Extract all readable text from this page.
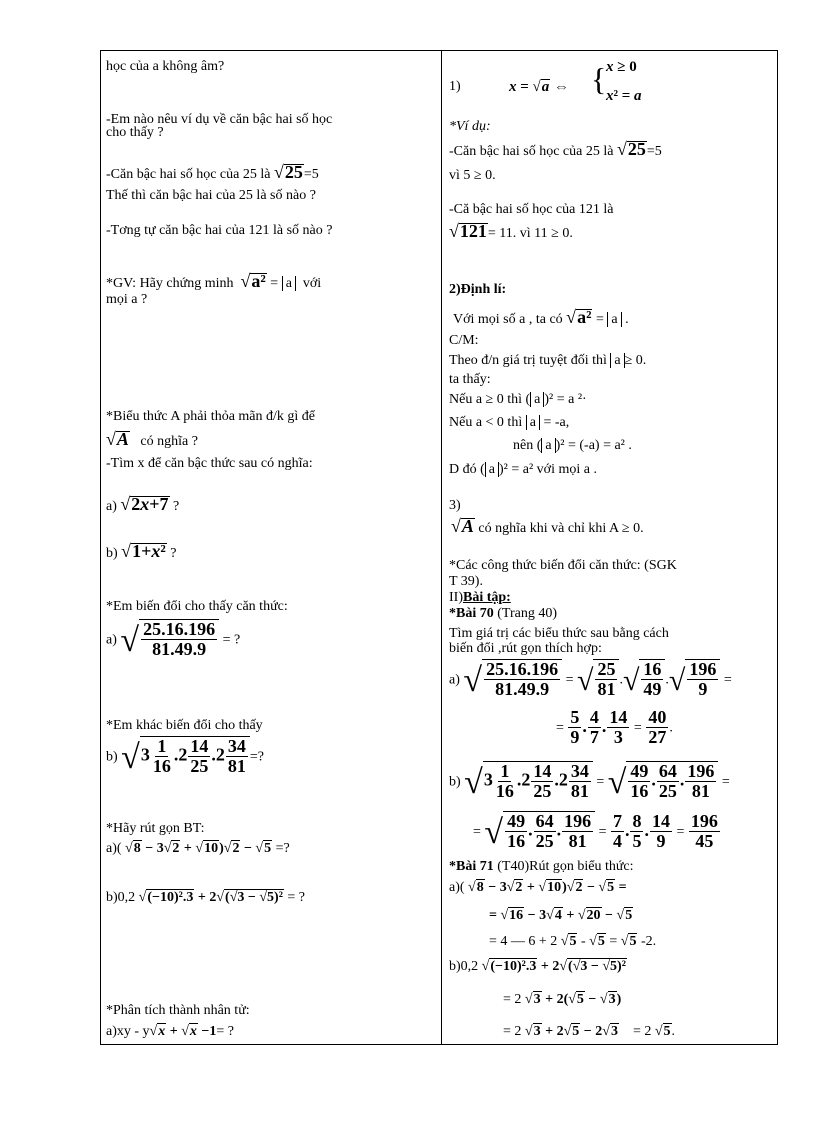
học của a không âm?
-Em nào nêu ví dụ về căn bậc hai số học
cho thấy ?
-Căn bậc hai số học của 25 là √25=5
Thế thì căn bậc hai của 25 là số nào ?
-Tơng tự căn bậc hai của 121 là số nào ?
*GV: Hãy chứng minh √a² = a với
mọi a ?
*Biểu thức A phải thỏa mãn đ/k gì để
√A có nghĩa ?
-Tìm x để căn bậc thức sau có nghĩa:
a) √2x+7 ?
b) √1+x² ?
*Em biến đổi cho thấy căn thức:
a) √ $\frac{25.16.196}{81.49.9}$ = ?
*Em khác biến đổi cho thấy
b) $√3 \frac{1}{16} .2 \frac{14}{25} .2 \frac{34}{81}$ =?
*Hãy rút gọn BT:
a)( √8 − 3√2 + √10)√2 − √5 =?
b)0,2 √(−10)².3 + 2√(√3 − √5)² = ?
*Phân tích thành nhân tử:
a)xy - y√x + √x −1= ?
1)	x = √a ⇔ { x ≥ 0
x² = a
*Ví dụ:
-Căn bậc hai số học của 25 là √25=5
vì 5 ≥ 0.
-Că bậc hai số học của 121 là
√121= 11. vì 11 ≥ 0.
2)Định lí:
Với mọi số a , ta có √a² = a .
C/M:
Theo đ/n giá trị tuyệt đối thì a ≥ 0.
ta thấy:
Nếu a ≥ 0 thì ( a )² = a ²·
Nếu a < 0 thì a = -a,
nên ( a )² = (-a) = a² .
D đó ( a )² = a² với mọi a .
3)
√A có nghĩa khi và chỉ khi A ≥ 0.
*Các công thức biến đổi căn thức: (SGK
T 39).
II)Bài tập:
*Bài 70 (Trang 40)
Tìm giá trị các biểu thức sau bằng cách
biến đổi ,rút gọn thích hợp:
a) √ $\frac{25.16.196}{81.49.9}$ = √ $\frac{25}{81}$ .√ $\frac{16}{49}$ .√ $\frac{196}{9}$ =
= $\frac{5}{9}$ . $\frac{4}{7}$ . $\frac{14}{3} = \frac{40}{27}$ .
b) $√3 \frac{1}{16} .2 \frac{14}{25} .2 \frac{34}{81}$ = √ $\frac{49}{16}$ . $\frac{64}{25}$ . $\frac{196}{81}$ =
= √ $\frac{49}{16}$ . $\frac{64}{25}$ . $\frac{196}{81} = \frac{7}{4}$ . $\frac{8}{5}$ . $\frac{14}{9} = \frac{196}{45}$
*Bài 71 (T40)Rút gọn biểu thức:
a)( √8 − 3√2 + √10)√2 − √5 =
= √16 − 3√4 + √20 − √5
= 4 — 6 + 2 √5 - √5 = √5 -2.
b)0,2 √(−10)².3 + 2√(√3 − √5)²
= 2 √3 + 2(√5 − √3)
= 2 √3 + 2√5 − 2√3    = 2 √5.
